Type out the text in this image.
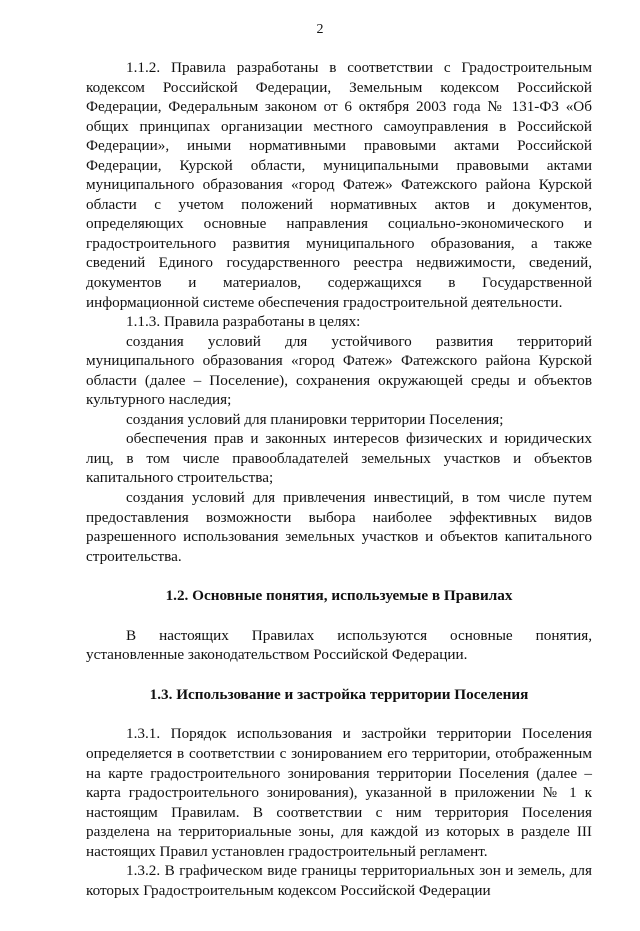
2

1.1.2. Правила разработаны в соответствии с Градостроительным кодексом Российской Федерации, Земельным кодексом Российской Федерации, Федеральным законом от 6 октября 2003 года № 131-ФЗ «Об общих принципах организации местного самоуправления в Российской Федерации», иными нормативными правовыми актами Российской Федерации, Курской области, муниципальными правовыми актами муниципального образования «город Фатеж» Фатежского района Курской области с учетом положений нормативных актов и документов, определяющих основные направления социально-экономического и градостроительного развития муниципального образования, а также сведений Единого государственного реестра недвижимости, сведений, документов и материалов, содержащихся в Государственной информационной системе обеспечения градостроительной деятельности.

1.1.3. Правила разработаны в целях:

создания условий для устойчивого развития территорий муниципального образования «город Фатеж» Фатежского района Курской области (далее – Поселение), сохранения окружающей среды и объектов культурного наследия;

создания условий для планировки территории Поселения;

обеспечения прав и законных интересов физических и юридических лиц, в том числе правообладателей земельных участков и объектов капитального строительства;

создания условий для привлечения инвестиций, в том числе путем предоставления возможности выбора наиболее эффективных видов разрешенного использования земельных участков и объектов капитального строительства.

1.2. Основные понятия, используемые в Правилах

В настоящих Правилах используются основные понятия, установленные законодательством Российской Федерации.

1.3. Использование и застройка территории Поселения

1.3.1. Порядок использования и застройки территории Поселения определяется в соответствии с зонированием его территории, отображенным на карте градостроительного зонирования территории Поселения (далее – карта градостроительного зонирования), указанной в приложении № 1 к настоящим Правилам. В соответствии с ним территория Поселения разделена на территориальные зоны, для каждой из которых в разделе III настоящих Правил установлен градостроительный регламент.

1.3.2. В графическом виде границы территориальных зон и земель, для которых Градостроительным кодексом Российской Федерации
